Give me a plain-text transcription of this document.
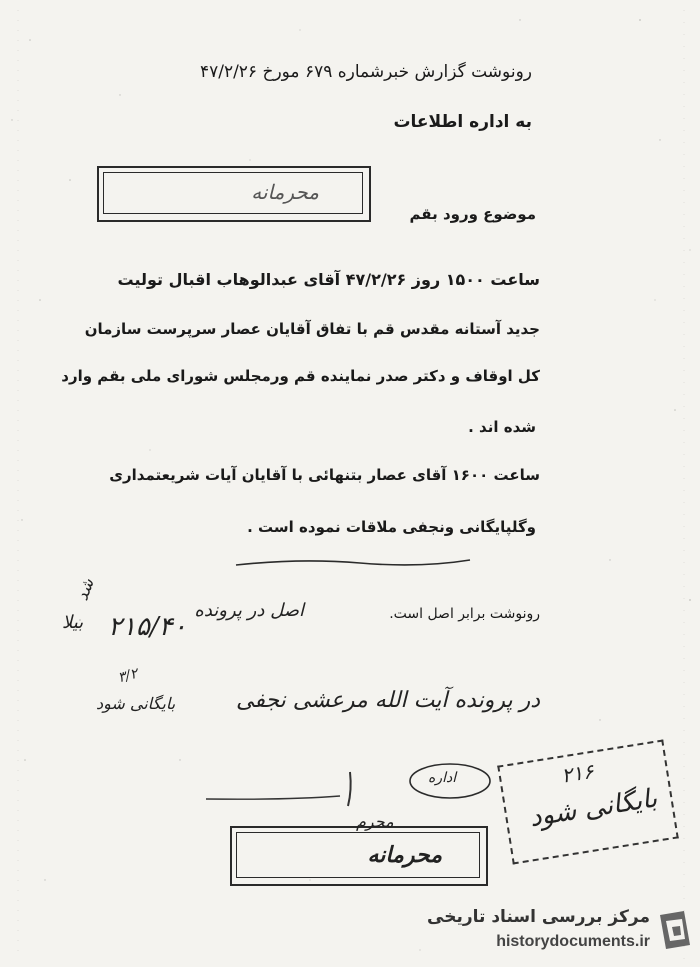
رونوشت گزارش خبرشماره ۶۷۹ مورخ ۴۷/۲/۲۶
به اداره اطلاعات
محرمانه
موضوع ورود بقم
ساعت ۱۵۰۰ روز ۴۷/۲/۲۶ آقای عبدالوهاب اقبال تولیت
جدید آستانه مقدس قم با تفاق آقایان عصار سرپرست سازمان
کل اوقاف و دکتر صدر نماینده قم ورمجلس شورای ملی بقم وارد
شده اند .
ساعت ۱۶۰۰ آقای عصار بتنهائی با آقایان آیات شریعتمداری
وگلپایگانی ونجفی ملاقات نموده است .
رونوشت برابر اصل است.
اصل در پرونده
۲۱۵/۴۰
بیلا
شد
در پرونده آیت الله مرعشی نجفی
بایگانی شود
۳/۲
اداره	۲۱۶
بایگانی شود
محرمانه
محرم
مرکز بررسی اسناد تاریخی
historydocuments.ir
